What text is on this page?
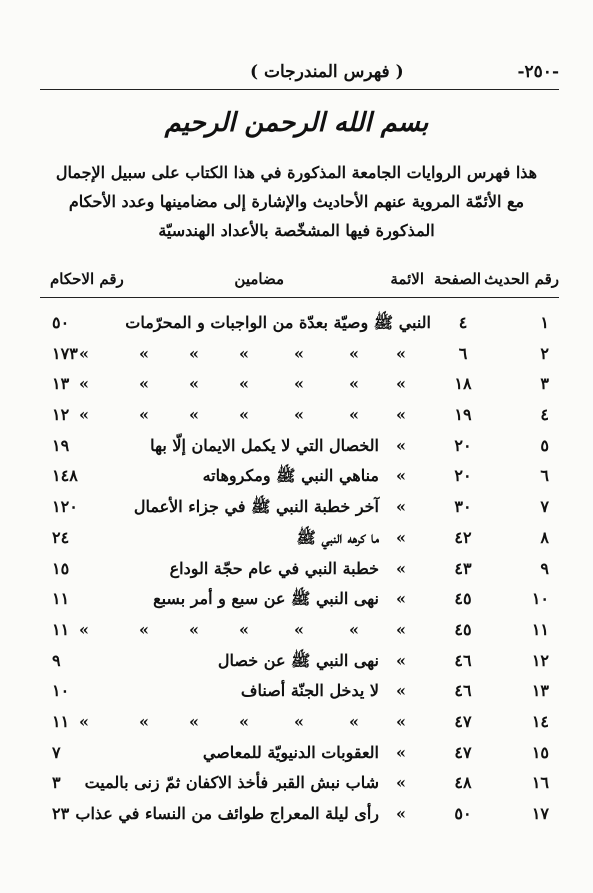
-٢٥٠-
( فهرس المندرجات )
بسم الله الرحمن الرحيم
هذا فهرس الروايات الجامعة المذكورة في هذا الكتاب على سبيل الإجمال
مع الأئمّة المروية عنهم الأحاديث والإشارة إلى مضامينها وعدد الأحكام
المذكورة فيها المشخّصة بالأعداد الهندسيّة
رقم الحديث
الصفحة
الائمة
مضامين
رقم الاحكام
١
٤
النبي ﷺ وصيّة بعدّة من الواجبات و المحرّمات
٥٠
٢
٦
»
»
»
»
»
»
»
١٧٣
٣
١٨
»
»
»
»
»
»
»
١٣
٤
١٩
»
»
»
»
»
»
»
١٢
٥
٢٠
»
الخصال التي لا يكمل الايمان إلّا بها
١٩
٦
٢٠
»
مناهي النبي ﷺ ومكروهاته
١٤٨
٧
٣٠
»
آخر خطبة النبي ﷺ في جزاء الأعمال
١٢٠
٨
٤٢
»
ما كرهه النبي ﷺ
٢٤
٩
٤٣
»
خطبة النبي في عام حجّة الوداع
١٥
١٠
٤٥
»
نهى النبي ﷺ عن سبع و أمر بسبع
١١
١١
٤٥
»
»
»
»
»
»
»
١١
١٢
٤٦
»
نهى النبي ﷺ عن خصال
٩
١٣
٤٦
»
لا يدخل الجنّة أصناف
١٠
١٤
٤٧
»
»
»
»
»
»
»
١١
١٥
٤٧
»
العقوبات الدنيويّة للمعاصي
٧
١٦
٤٨
»
شاب نبش القبر فأخذ الاكفان ثمّ زنى بالميت
٣
١٧
٥٠
»
رأى ليلة المعراج طوائف من النساء في عذاب
٢٣
